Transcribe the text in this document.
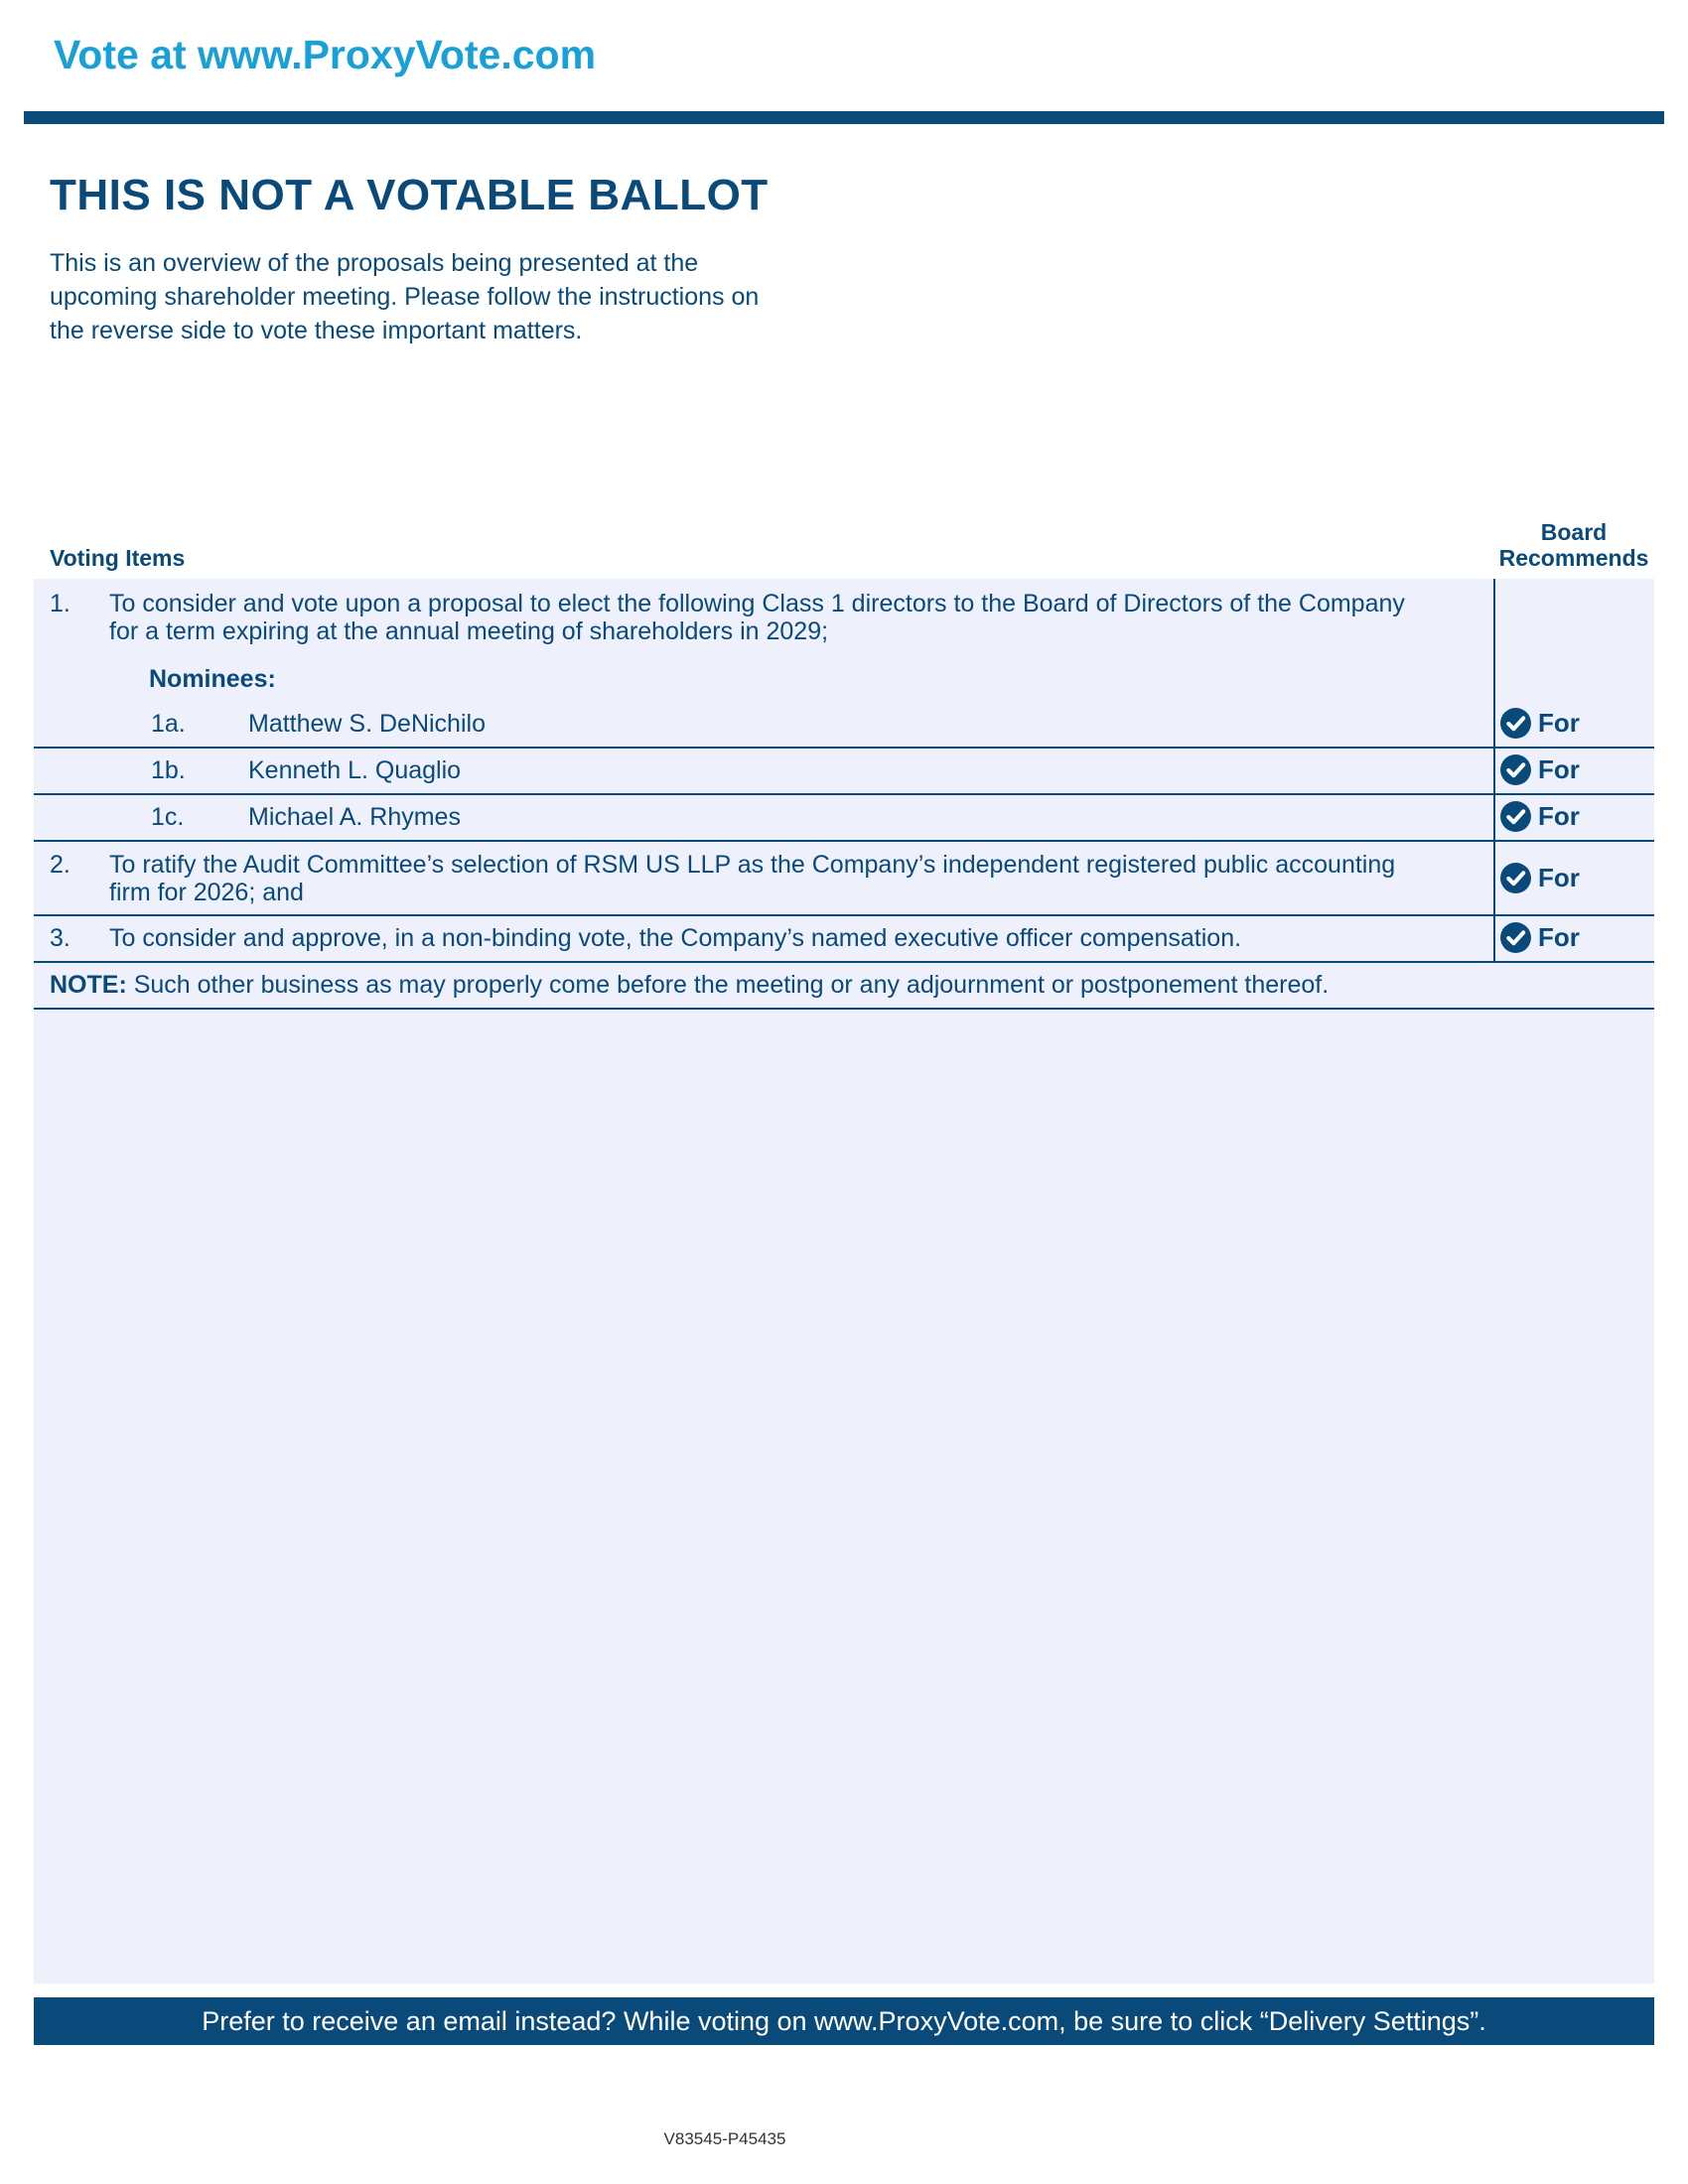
Vote at www.ProxyVote.com
THIS IS NOT A VOTABLE BALLOT
This is an overview of the proposals being presented at the
upcoming shareholder meeting. Please follow the instructions on
the reverse side to vote these important matters.
Voting Items
Board
Recommends
1. To consider and vote upon a proposal to elect the following Class 1 directors to the Board of Directors of the Company
for a term expiring at the annual meeting of shareholders in 2029;
Nominees:
1a.	Matthew S. DeNichilo	For
1b.	Kenneth L. Quaglio	For
1c.	Michael A. Rhymes	For
2. To ratify the Audit Committee’s selection of RSM US LLP as the Company’s independent registered public accounting
firm for 2026; and	For
3. To consider and approve, in a non-binding vote, the Company’s named executive officer compensation.	For
NOTE: Such other business as may properly come before the meeting or any adjournment or postponement thereof.
Prefer to receive an email instead? While voting on www.ProxyVote.com, be sure to click “Delivery Settings”.
V83545-P45435
